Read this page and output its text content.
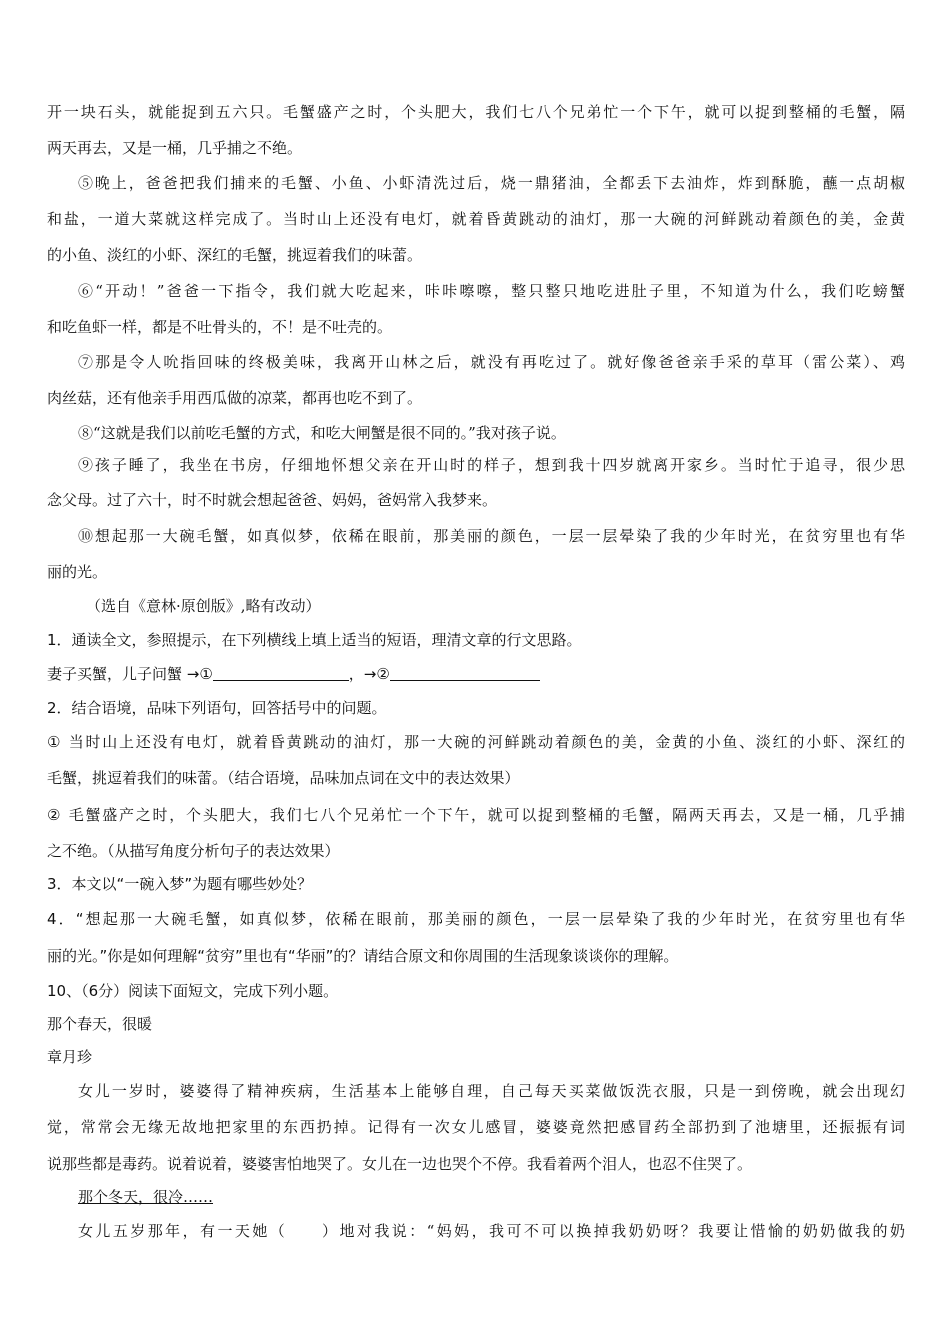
开一块石头，就能捉到五六只。毛蟹盛产之时，个头肥大，我们七八个兄弟忙一个下午，就可以捉到整桶的毛蟹，隔
两天再去，又是一桶，几乎捕之不绝。
⑤晚上，爸爸把我们捕来的毛蟹、小鱼、小虾清洗过后，烧一鼎猪油，全都丢下去油炸，炸到酥脆，蘸一点胡椒
和盐，一道大菜就这样完成了。当时山上还没有电灯，就着昏黄跳动的油灯，那一大碗的河鲜跳动着颜色的美，金黄
的小鱼、淡红的小虾、深红的毛蟹，挑逗着我们的味蕾。
⑥“开动！”爸爸一下指令，我们就大吃起来，咔咔嚓嚓，整只整只地吃进肚子里，不知道为什么，我们吃螃蟹
和吃鱼虾一样，都是不吐骨头的，不！是不吐壳的。
⑦那是令人吮指回味的终极美味，我离开山林之后，就没有再吃过了。就好像爸爸亲手采的草耳（雷公菜）、鸡
肉丝菇，还有他亲手用西瓜做的凉菜，都再也吃不到了。
⑧“这就是我们以前吃毛蟹的方式，和吃大闸蟹是很不同的。”我对孩子说。
⑨孩子睡了，我坐在书房，仔细地怀想父亲在开山时的样子，想到我十四岁就离开家乡。当时忙于追寻，很少思
念父母。过了六十，时不时就会想起爸爸、妈妈，爸妈常入我梦来。
⑩想起那一大碗毛蟹，如真似梦，依稀在眼前，那美丽的颜色，一层一层晕染了我的少年时光，在贫穷里也有华
丽的光。
（选自《意林·原创版》,略有改动）
1．通读全文，参照提示，在下列横线上填上适当的短语，理清文章的行文思路。
妻子买蟹，儿子问蟹 →①	，→②
2．结合语境，品味下列语句，回答括号中的问题。
① 当时山上还没有电灯，就着昏黄跳动的油灯，那一大碗的河鲜跳动着颜色的美，金黄的小鱼、淡红的小虾、深红的
毛蟹，挑逗着我们的味蕾。（结合语境，品味加点词在文中的表达效果）
② 毛蟹盛产之时，个头肥大，我们七八个兄弟忙一个下午，就可以捉到整桶的毛蟹，隔两天再去，又是一桶，几乎捕
之不绝。（从描写角度分析句子的表达效果）
3．本文以“一碗入梦”为题有哪些妙处？
4．“想起那一大碗毛蟹，如真似梦，依稀在眼前，那美丽的颜色，一层一层晕染了我的少年时光，在贫穷里也有华
丽的光。”你是如何理解“贫穷”里也有“华丽”的？请结合原文和你周围的生活现象谈谈你的理解。
10、（6分）阅读下面短文，完成下列小题。
那个春天，很暖
章月珍
女儿一岁时，婆婆得了精神疾病，生活基本上能够自理，自己每天买菜做饭洗衣服，只是一到傍晚，就会出现幻
觉，常常会无缘无故地把家里的东西扔掉。记得有一次女儿感冒，婆婆竟然把感冒药全部扔到了池塘里，还振振有词
说那些都是毒药。说着说着，婆婆害怕地哭了。女儿在一边也哭个不停。我看着两个泪人，也忍不住哭了。
那个冬天，很冷……
女儿五岁那年，有一天她（　　）地对我说：“妈妈，我可不可以换掉我奶奶呀？我要让惜愉的奶奶做我的奶
